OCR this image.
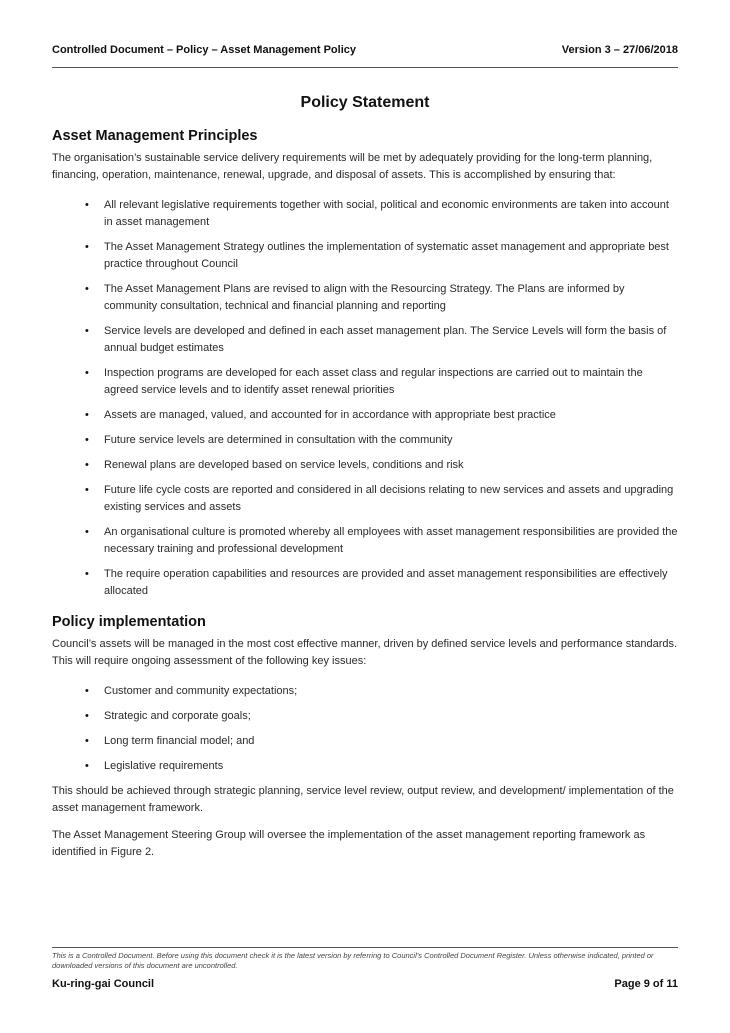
Controlled Document – Policy – Asset Management Policy	Version 3 – 27/06/2018
Policy Statement
Asset Management Principles

The organisation’s sustainable service delivery requirements will be met by adequately providing for the long-term planning, financing, operation, maintenance, renewal, upgrade, and disposal of assets. This is accomplished by ensuring that:

• All relevant legislative requirements together with social, political and economic environments are taken into account in asset management
• The Asset Management Strategy outlines the implementation of systematic asset management and appropriate best practice throughout Council
• The Asset Management Plans are revised to align with the Resourcing Strategy. The Plans are informed by community consultation, technical and financial planning and reporting
• Service levels are developed and defined in each asset management plan. The Service Levels will form the basis of annual budget estimates
• Inspection programs are developed for each asset class and regular inspections are carried out to maintain the agreed service levels and to identify asset renewal priorities
• Assets are managed, valued, and accounted for in accordance with appropriate best practice
• Future service levels are determined in consultation with the community
• Renewal plans are developed based on service levels, conditions and risk
• Future life cycle costs are reported and considered in all decisions relating to new services and assets and upgrading existing services and assets
• An organisational culture is promoted whereby all employees with asset management responsibilities are provided the necessary training and professional development
• The require operation capabilities and resources are provided and asset management responsibilities are effectively allocated
Policy implementation

Council’s assets will be managed in the most cost effective manner, driven by defined service levels and performance standards. This will require ongoing assessment of the following key issues:

• Customer and community expectations;
• Strategic and corporate goals;
• Long term financial model; and
• Legislative requirements

This should be achieved through strategic planning, service level review, output review, and development/ implementation of the asset management framework.

The Asset Management Steering Group will oversee the implementation of the asset management reporting framework as identified in Figure 2.

This is a Controlled Document. Before using this document check it is the latest version by referring to Council’s Controlled Document Register. Unless otherwise indicated, printed or downloaded versions of this document are uncontrolled.
Ku-ring-gai Council	Page 9 of 11
